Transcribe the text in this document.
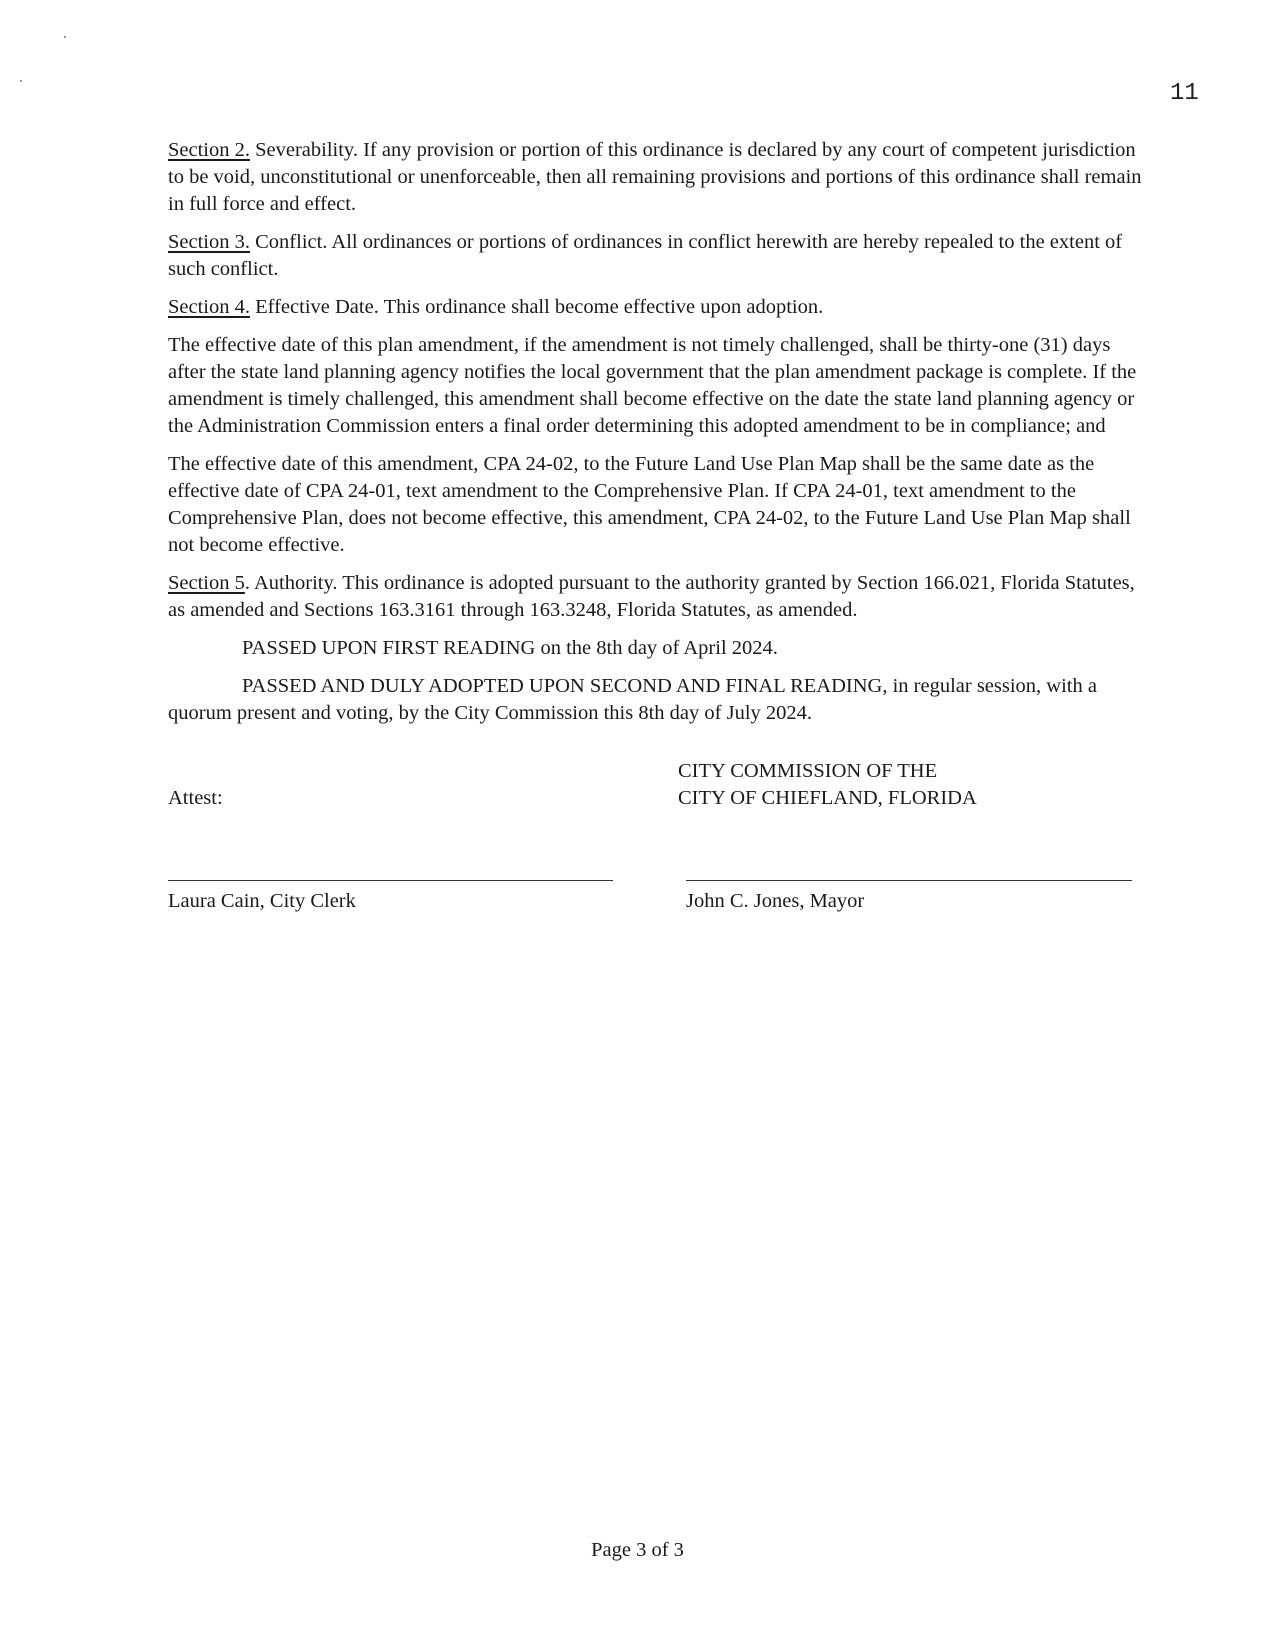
11

Section 2. Severability. If any provision or portion of this ordinance is declared by any court of competent jurisdiction to be void, unconstitutional or unenforceable, then all remaining provisions and portions of this ordinance shall remain in full force and effect.

Section 3. Conflict. All ordinances or portions of ordinances in conflict herewith are hereby repealed to the extent of such conflict.

Section 4. Effective Date. This ordinance shall become effective upon adoption.

The effective date of this plan amendment, if the amendment is not timely challenged, shall be thirty-one (31) days after the state land planning agency notifies the local government that the plan amendment package is complete. If the amendment is timely challenged, this amendment shall become effective on the date the state land planning agency or the Administration Commission enters a final order determining this adopted amendment to be in compliance; and

The effective date of this amendment, CPA 24-02, to the Future Land Use Plan Map shall be the same date as the effective date of CPA 24-01, text amendment to the Comprehensive Plan. If CPA 24-01, text amendment to the Comprehensive Plan, does not become effective, this amendment, CPA 24-02, to the Future Land Use Plan Map shall not become effective.

Section 5. Authority. This ordinance is adopted pursuant to the authority granted by Section 166.021, Florida Statutes, as amended and Sections 163.3161 through 163.3248, Florida Statutes, as amended.

PASSED UPON FIRST READING on the 8th day of April 2024.

PASSED AND DULY ADOPTED UPON SECOND AND FINAL READING, in regular session, with a quorum present and voting, by the City Commission this 8th day of July 2024.

CITY COMMISSION OF THE
CITY OF CHIEFLAND, FLORIDA
Attest:
Laura Cain, City Clerk	John C. Jones, Mayor
Page 3 of 3
